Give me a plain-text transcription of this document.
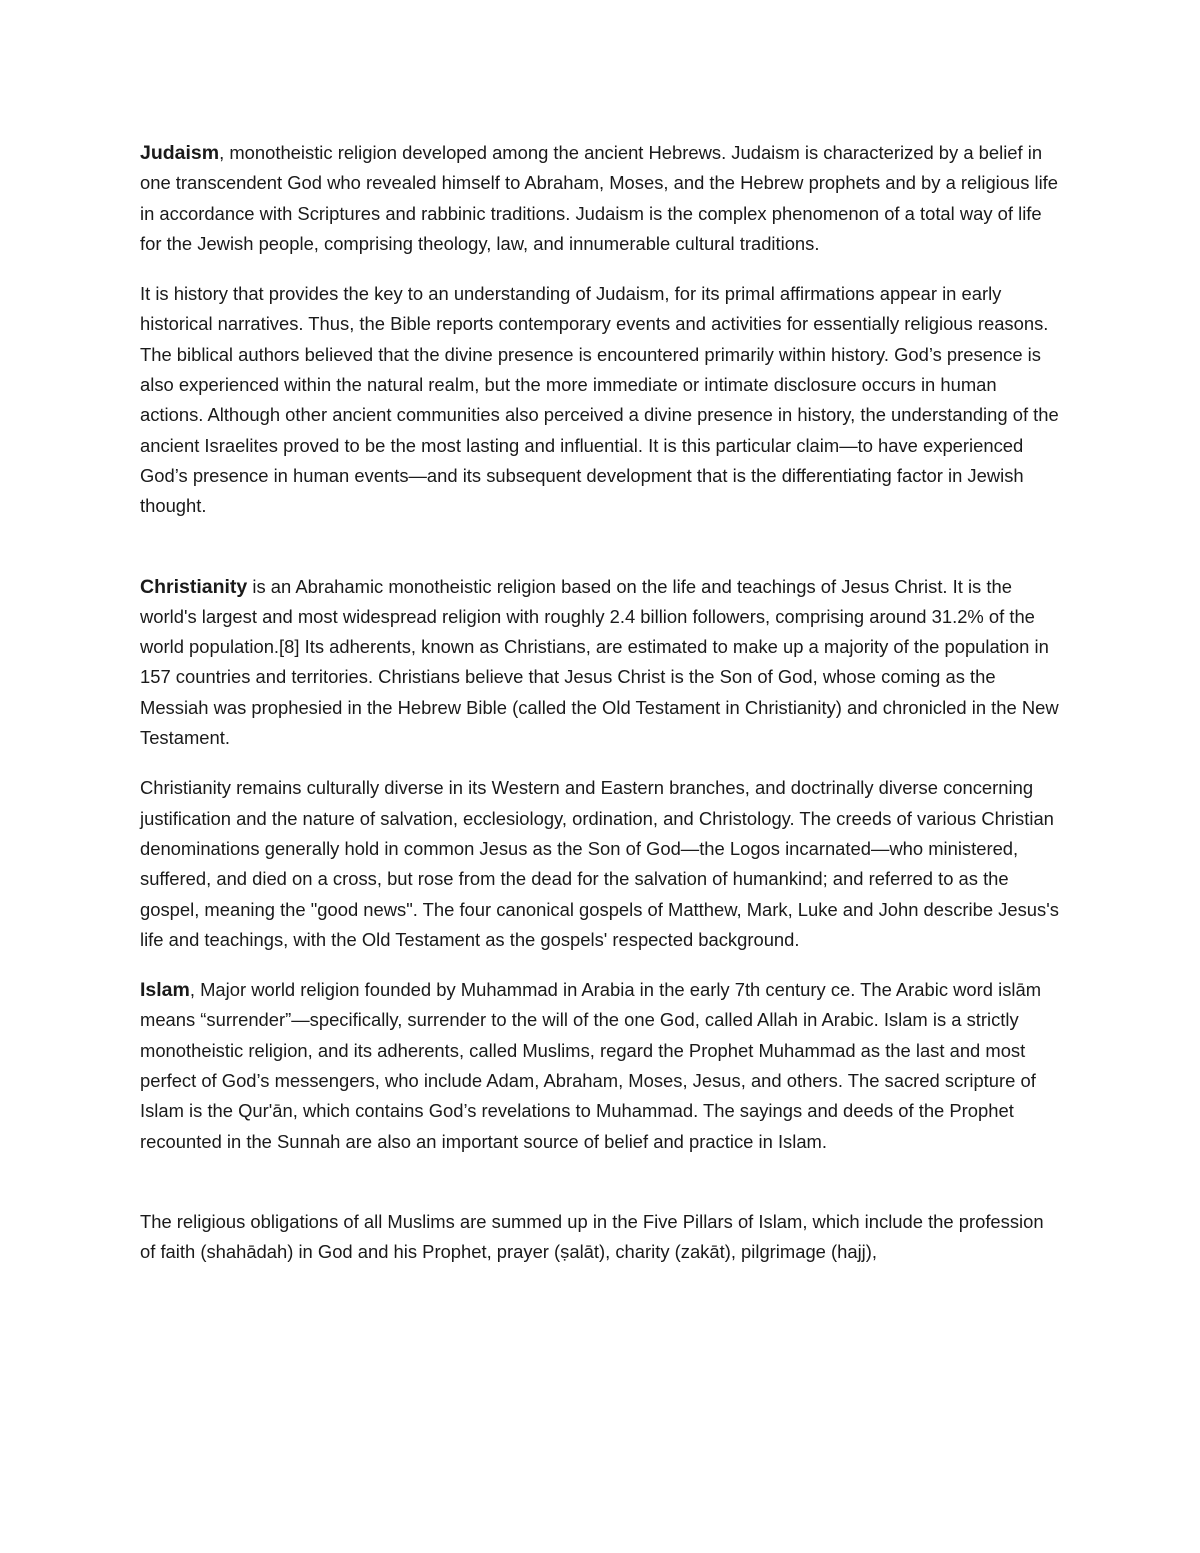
Judaism, monotheistic religion developed among the ancient Hebrews. Judaism is characterized by a belief in one transcendent God who revealed himself to Abraham, Moses, and the Hebrew prophets and by a religious life in accordance with Scriptures and rabbinic traditions. Judaism is the complex phenomenon of a total way of life for the Jewish people, comprising theology, law, and innumerable cultural traditions.

It is history that provides the key to an understanding of Judaism, for its primal affirmations appear in early historical narratives. Thus, the Bible reports contemporary events and activities for essentially religious reasons. The biblical authors believed that the divine presence is encountered primarily within history. God’s presence is also experienced within the natural realm, but the more immediate or intimate disclosure occurs in human actions. Although other ancient communities also perceived a divine presence in history, the understanding of the ancient Israelites proved to be the most lasting and influential. It is this particular claim—to have experienced God’s presence in human events—and its subsequent development that is the differentiating factor in Jewish thought.

Christianity is an Abrahamic monotheistic religion based on the life and teachings of Jesus Christ. It is the world's largest and most widespread religion with roughly 2.4 billion followers, comprising around 31.2% of the world population.[8] Its adherents, known as Christians, are estimated to make up a majority of the population in 157 countries and territories. Christians believe that Jesus Christ is the Son of God, whose coming as the Messiah was prophesied in the Hebrew Bible (called the Old Testament in Christianity) and chronicled in the New Testament.

Christianity remains culturally diverse in its Western and Eastern branches, and doctrinally diverse concerning justification and the nature of salvation, ecclesiology, ordination, and Christology. The creeds of various Christian denominations generally hold in common Jesus as the Son of God—the Logos incarnated—who ministered, suffered, and died on a cross, but rose from the dead for the salvation of humankind; and referred to as the gospel, meaning the "good news". The four canonical gospels of Matthew, Mark, Luke and John describe Jesus's life and teachings, with the Old Testament as the gospels' respected background.

Islam, Major world religion founded by Muhammad in Arabia in the early 7th century ce. The Arabic word islām means “surrender”—specifically, surrender to the will of the one God, called Allah in Arabic. Islam is a strictly monotheistic religion, and its adherents, called Muslims, regard the Prophet Muhammad as the last and most perfect of God’s messengers, who include Adam, Abraham, Moses, Jesus, and others. The sacred scripture of Islam is the Qur'ān, which contains God’s revelations to Muhammad. The sayings and deeds of the Prophet recounted in the Sunnah are also an important source of belief and practice in Islam.

The religious obligations of all Muslims are summed up in the Five Pillars of Islam, which include the profession of faith (shahādah) in God and his Prophet, prayer (ṣalāt), charity (zakāt), pilgrimage (hajj),
